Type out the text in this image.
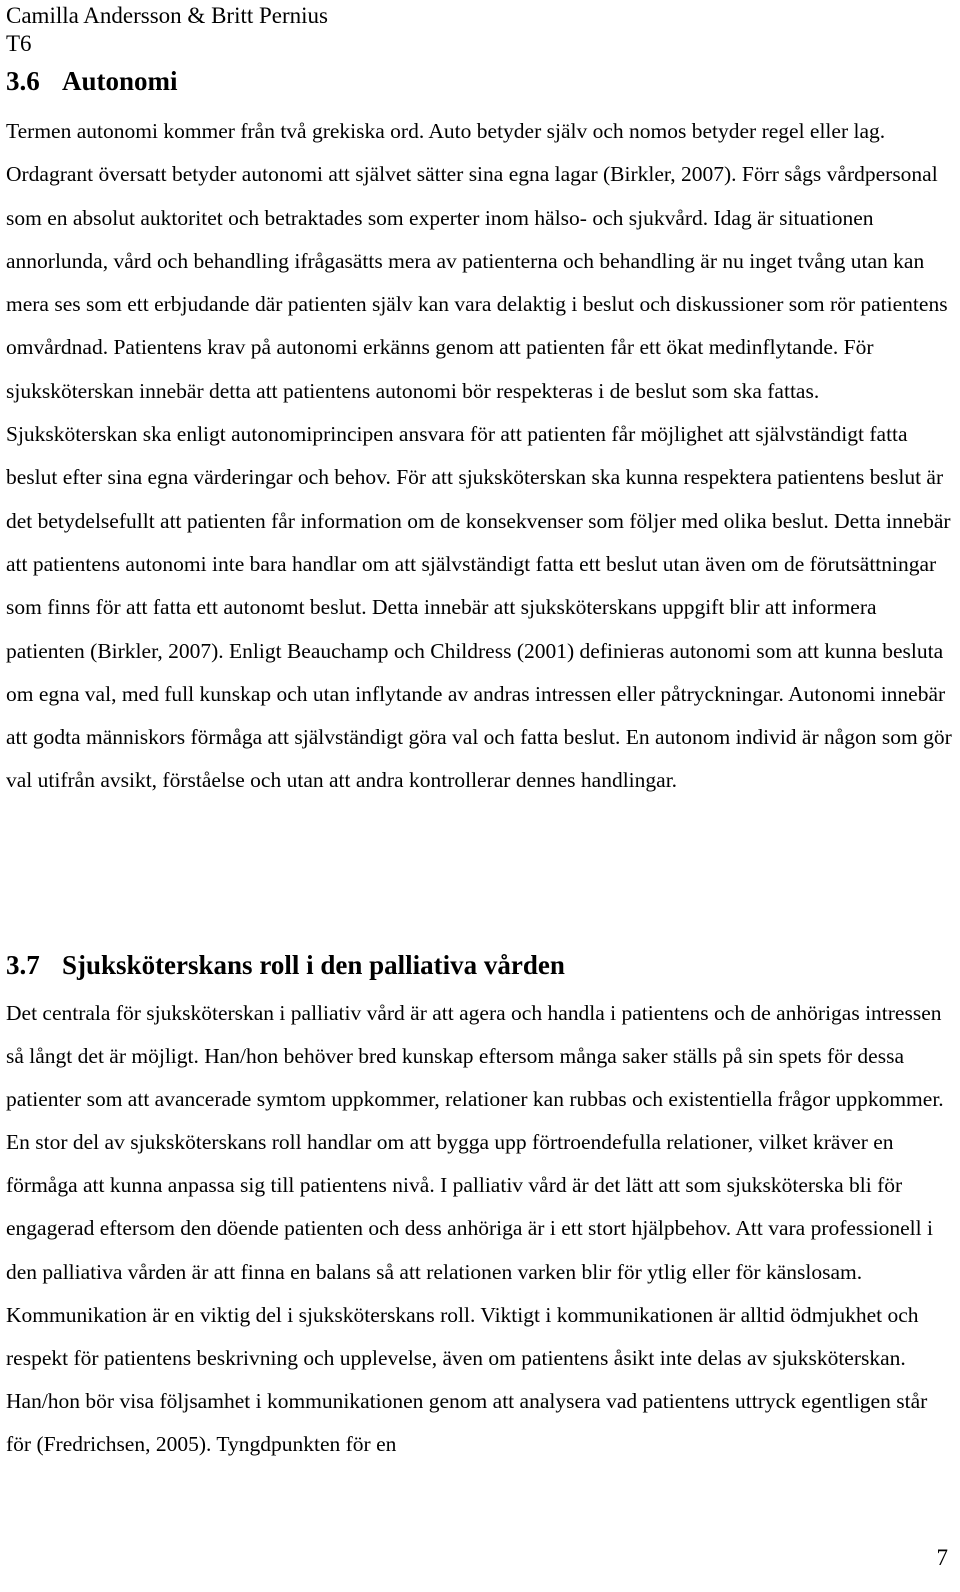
Camilla Andersson & Britt Pernius

T6

3.6 Autonomi

Termen autonomi kommer från två grekiska ord. Auto betyder själv och nomos betyder regel eller lag. Ordagrant översatt betyder autonomi att självet sätter sina egna lagar (Birkler, 2007). Förr sågs vårdpersonal som en absolut auktoritet och betraktades som experter inom hälso- och sjukvård. Idag är situationen annorlunda, vård och behandling ifrågasätts mera av patienterna och behandling är nu inget tvång utan kan mera ses som ett erbjudande där patienten själv kan vara delaktig i beslut och diskussioner som rör patientens omvårdnad. Patientens krav på autonomi erkänns genom att patienten får ett ökat medinflytande. För sjuksköterskan innebär detta att patientens autonomi bör respekteras i de beslut som ska fattas. Sjuksköterskan ska enligt autonomiprincipen ansvara för att patienten får möjlighet att självständigt fatta beslut efter sina egna värderingar och behov. För att sjuksköterskan ska kunna respektera patientens beslut är det betydelsefullt att patienten får information om de konsekvenser som följer med olika beslut. Detta innebär att patientens autonomi inte bara handlar om att självständigt fatta ett beslut utan även om de förutsättningar som finns för att fatta ett autonomt beslut. Detta innebär att sjuksköterskans uppgift blir att informera patienten (Birkler, 2007). Enligt Beauchamp och Childress (2001) definieras autonomi som att kunna besluta om egna val, med full kunskap och utan inflytande av andras intressen eller påtryckningar. Autonomi innebär att godta människors förmåga att självständigt göra val och fatta beslut. En autonom individ är någon som gör val utifrån avsikt, förståelse och utan att andra kontrollerar dennes handlingar.

3.7 Sjuksköterskans roll i den palliativa vården

Det centrala för sjuksköterskan i palliativ vård är att agera och handla i patientens och de anhörigas intressen så långt det är möjligt. Han/hon behöver bred kunskap eftersom många saker ställs på sin spets för dessa patienter som att avancerade symtom uppkommer, relationer kan rubbas och existentiella frågor uppkommer. En stor del av sjuksköterskans roll handlar om att bygga upp förtroendefulla relationer, vilket kräver en förmåga att kunna anpassa sig till patientens nivå. I palliativ vård är det lätt att som sjuksköterska bli för engagerad eftersom den döende patienten och dess anhöriga är i ett stort hjälpbehov. Att vara professionell i den palliativa vården är att finna en balans så att relationen varken blir för ytlig eller för känslosam. Kommunikation är en viktig del i sjuksköterskans roll. Viktigt i kommunikationen är alltid ödmjukhet och respekt för patientens beskrivning och upplevelse, även om patientens åsikt inte delas av sjuksköterskan. Han/hon bör visa följsamhet i kommunikationen genom att analysera vad patientens uttryck egentligen står för (Fredrichsen, 2005). Tyngdpunkten för en

7
